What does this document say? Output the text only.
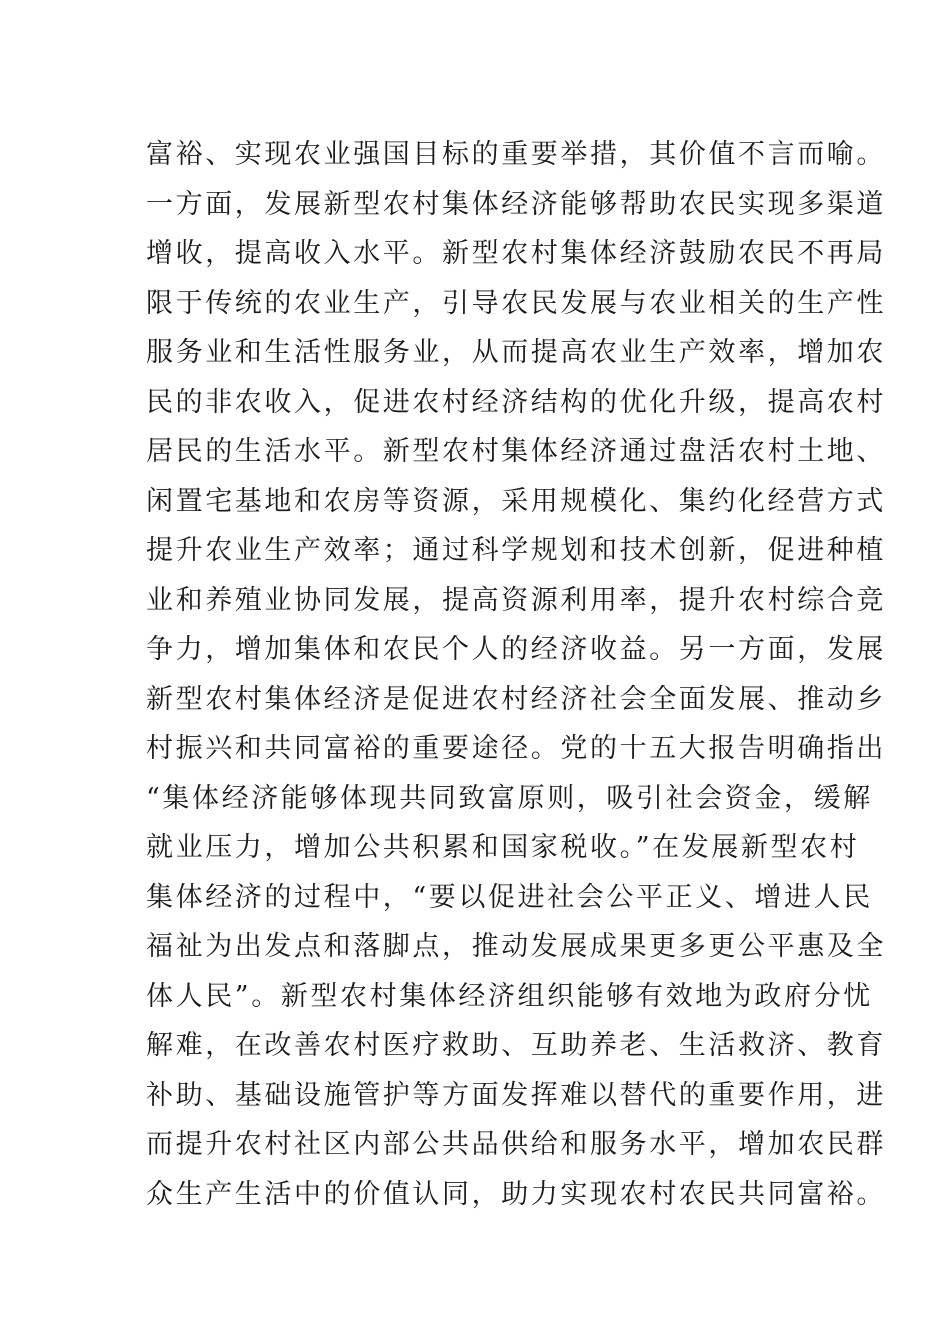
富裕、实现农业强国目标的重要举措，其价值不言而喻。
一方面，发展新型农村集体经济能够帮助农民实现多渠道
增收，提高收入水平。新型农村集体经济鼓励农民不再局
限于传统的农业生产，引导农民发展与农业相关的生产性
服务业和生活性服务业，从而提高农业生产效率，增加农
民的非农收入，促进农村经济结构的优化升级，提高农村
居民的生活水平。新型农村集体经济通过盘活农村土地、
闲置宅基地和农房等资源，采用规模化、集约化经营方式
提升农业生产效率；通过科学规划和技术创新，促进种植
业和养殖业协同发展，提高资源利用率，提升农村综合竞
争力，增加集体和农民个人的经济收益。另一方面，发展
新型农村集体经济是促进农村经济社会全面发展、推动乡
村振兴和共同富裕的重要途径。党的十五大报告明确指出
“集体经济能够体现共同致富原则，吸引社会资金，缓解
就业压力，增加公共积累和国家税收。”在发展新型农村
集体经济的过程中，“要以促进社会公平正义、增进人民
福祉为出发点和落脚点，推动发展成果更多更公平惠及全
体人民”。新型农村集体经济组织能够有效地为政府分忧
解难，在改善农村医疗救助、互助养老、生活救济、教育
补助、基础设施管护等方面发挥难以替代的重要作用，进
而提升农村社区内部公共品供给和服务水平，增加农民群
众生产生活中的价值认同，助力实现农村农民共同富裕。
